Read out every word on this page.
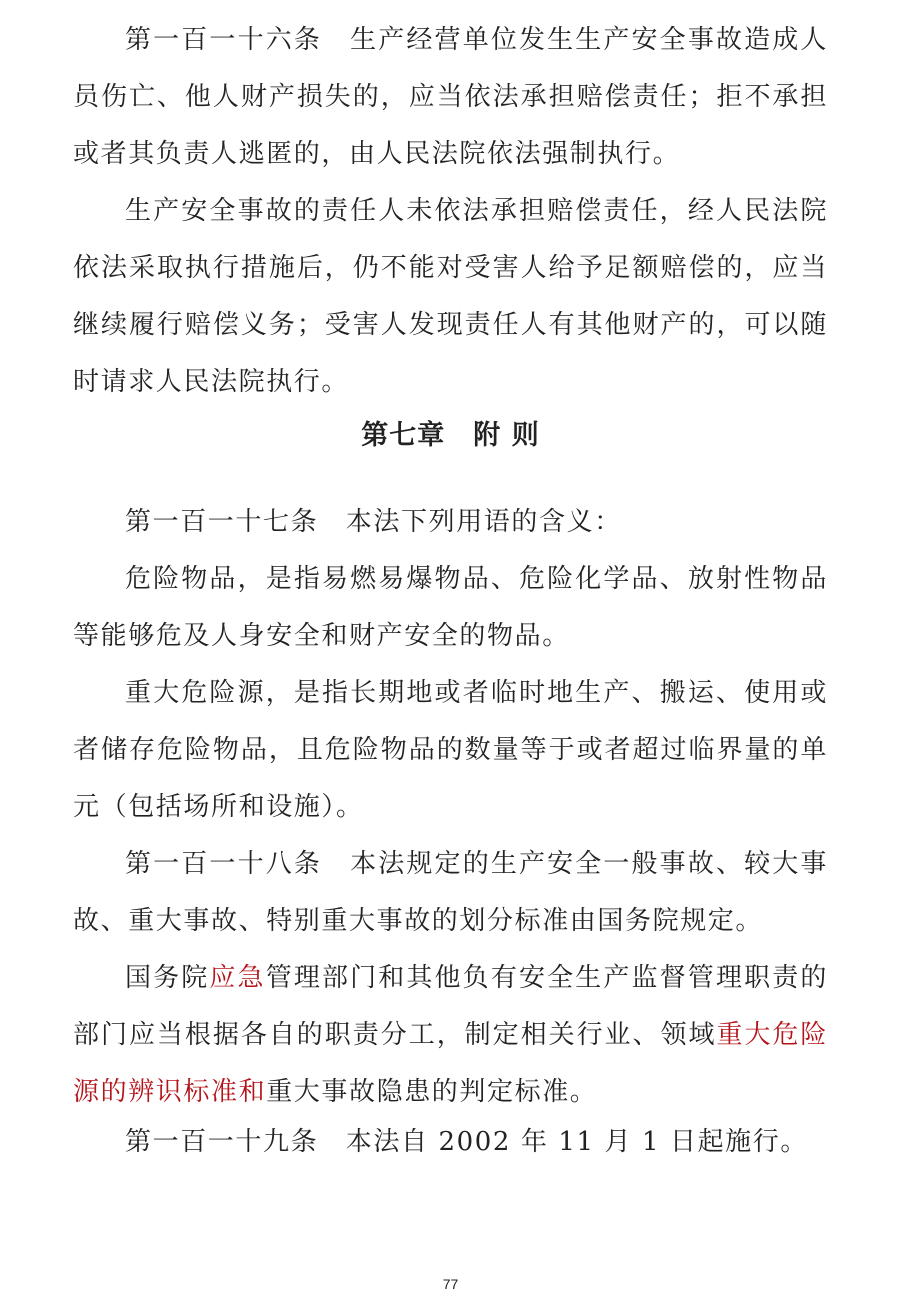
第一百一十六条　生产经营单位发生生产安全事故造成人员伤亡、他人财产损失的，应当依法承担赔偿责任；拒不承担或者其负责人逃匿的，由人民法院依法强制执行。

生产安全事故的责任人未依法承担赔偿责任，经人民法院依法采取执行措施后，仍不能对受害人给予足额赔偿的，应当继续履行赔偿义务；受害人发现责任人有其他财产的，可以随时请求人民法院执行。

第七章　附 则

第一百一十七条　本法下列用语的含义：

危险物品，是指易燃易爆物品、危险化学品、放射性物品等能够危及人身安全和财产安全的物品。

重大危险源，是指长期地或者临时地生产、搬运、使用或者储存危险物品，且危险物品的数量等于或者超过临界量的单元（包括场所和设施）。

第一百一十八条　本法规定的生产安全一般事故、较大事故、重大事故、特别重大事故的划分标准由国务院规定。

国务院应急管理部门和其他负有安全生产监督管理职责的部门应当根据各自的职责分工，制定相关行业、领域重大危险源的辨识标准和重大事故隐患的判定标准。

第一百一十九条　本法自 2002 年 11 月 1 日起施行。

77
